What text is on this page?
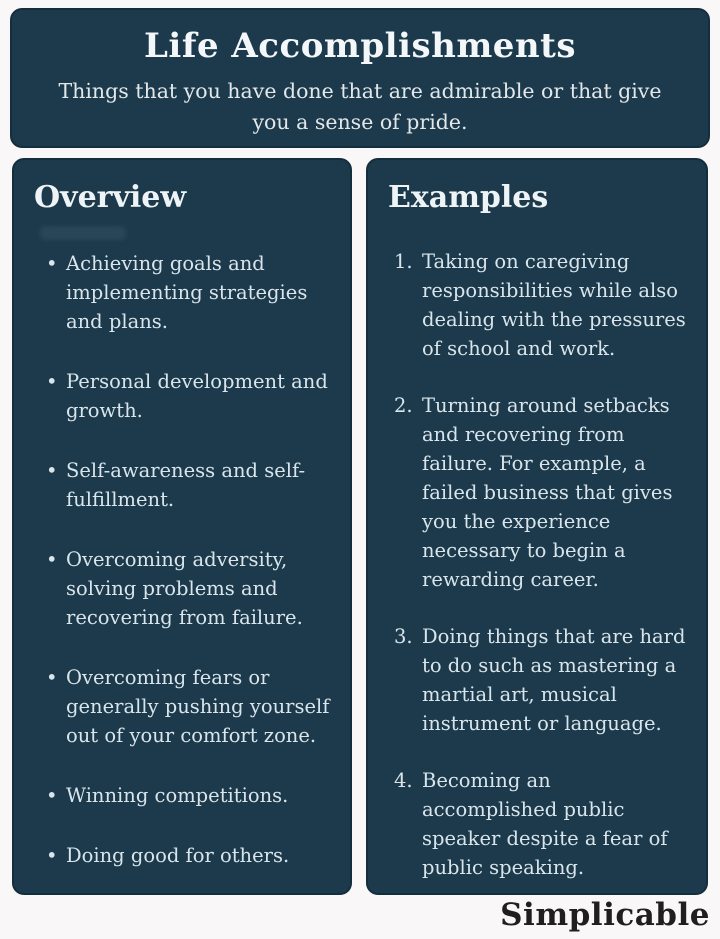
Life Accomplishments
Things that you have done that are admirable or that give you a sense of pride.
Overview
• Achieving goals and implementing strategies and plans.
• Personal development and growth.
• Self-awareness and self-fulfillment.
• Overcoming adversity, solving problems and recovering from failure.
• Overcoming fears or generally pushing yourself out of your comfort zone.
• Winning competitions.
• Doing good for others.
Examples
Taking on caregiving responsibilities while also dealing with the pressures of school and work.
Turning around setbacks and recovering from failure. For example, a failed business that gives you the experience necessary to begin a rewarding career.
Doing things that are hard to do such as mastering a martial art, musical instrument or language.
Becoming an accomplished public speaker despite a fear of public speaking.
Simplicable
